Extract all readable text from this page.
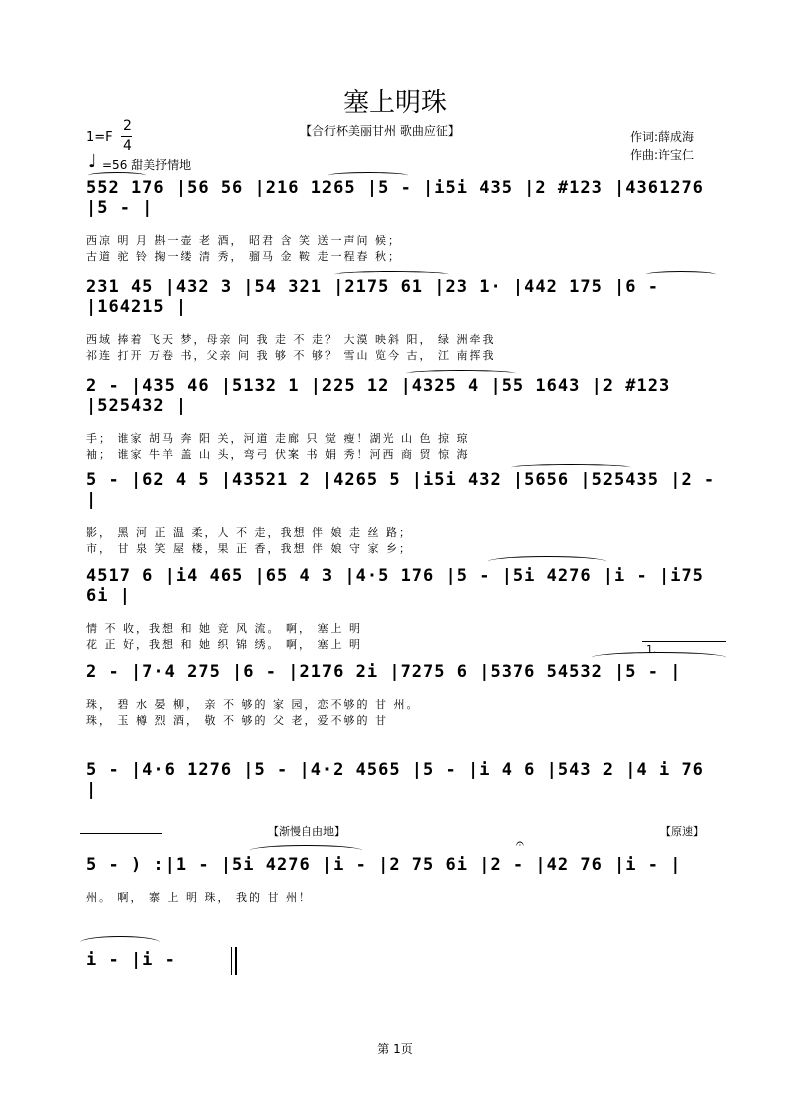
塞上明珠
【合行杯美丽甘州 歌曲应征】	作词:薛成海
作曲:许宝仁
1=F
2
4
♩ =56 甜美抒情地
552 176 |56 56 |216 1265 |5 - |i5i 435 |2 #123 |4361276 |5 - |
西凉 明 月 斟一壶 老 酒， 昭君 含 笑 送一声问 候；
古道 驼 铃 掬一缕 清 秀， 骝马 金 鞍 走一程春 秋；
231 45 |432 3 |54 321 |2175 61 |23 1· |442 175 |6 - |164215 |
西域 捧着 飞天 梦，母亲 问 我 走 不 走？ 大漠 映斜 阳， 绿 洲牵我
祁连 打开 万卷 书，父亲 问 我 够 不 够？ 雪山 览今 古， 江 南挥我
2 - |435 46 |5132 1 |225 12 |4325 4 |55 1643 |2 #123 |525432 |
手； 谁家 胡马 奔 阳 关，河道 走廊 只 觉 瘦！湖光 山 色 掠 琼
袖； 谁家 牛羊 盖 山 头，弯弓 伏案 书 娟 秀！河西 商 贸 惊 海
5 - |62 4 5 |43521 2 |4265 5 |i5i 432 |5656 |525435 |2 - |
影， 黑 河 正 温 柔，人 不 走，我想 伴 娘 走 丝 路；
市， 甘 泉 笑 屋 楼，果 正 香，我想 伴 娘 守 家 乡；
4517 6 |i4 465 |65 4 3 |4·5 176 |5 - |5i 4276 |i - |i75 6i |
情 不 收，我想 和 她 竞 风 流。 啊， 塞上 明
花 正 好，我想 和 她 织 锦 绣。 啊， 塞上 明	1.
2 - |7·4 275 |6 - |2176 2i |7275 6 |5376 54532 |5 - |
珠， 碧 水 晏 柳， 亲 不 够的 家 园，恋不够的 甘 州。
珠， 玉 樽 烈 酒， 敬 不 够的 父 老，爱不够的 甘
5 - |4·6 1276 |5 - |4·2 4565 |5 - |i 4 6 |543 2 |4 i 76 |
【渐慢自由地】	【原速】
𝄐
5 - ) :|1 - |5i 4276 |i - |2 75 6i |2 - |42 76 |i - |
州。 啊， 寨 上 明 珠， 我的 甘 州！
i - |i -
第 1页
